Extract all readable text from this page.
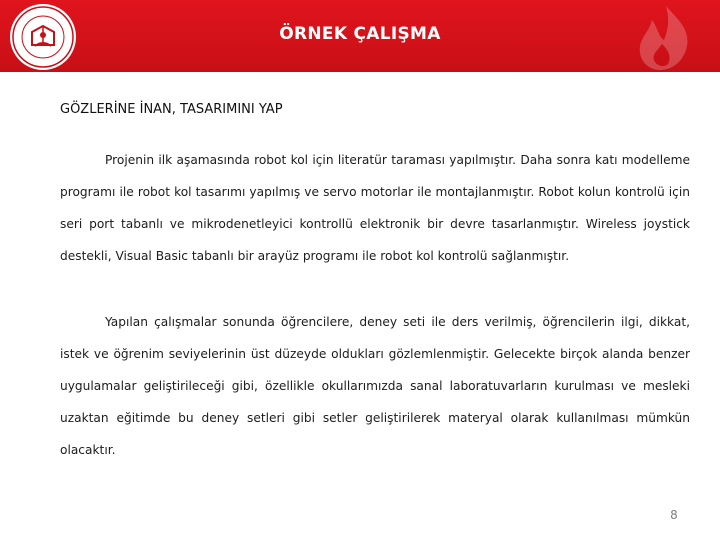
ÖRNEK ÇALIŞMA
GÖZLERİNE İNAN, TASARIMINI YAP

Projenin ilk aşamasında robot kol için literatür taraması yapılmıştır. Daha sonra katı modelleme programı ile robot kol tasarımı yapılmış ve servo motorlar ile montajlanmıştır. Robot kolun kontrolü için seri port tabanlı ve mikrodenetleyici kontrollü elektronik bir devre tasarlanmıştır. Wireless joystick destekli, Visual Basic tabanlı bir arayüz programı ile robot kol kontrolü sağlanmıştır.

Yapılan çalışmalar sonunda öğrencilere, deney seti ile ders verilmiş, öğrencilerin ilgi, dikkat, istek ve öğrenim seviyelerinin üst düzeyde oldukları gözlemlenmiştir. Gelecekte birçok alanda benzer uygulamalar geliştirileceği gibi, özellikle okullarımızda sanal laboratuvarların kurulması ve mesleki uzaktan eğitimde bu deney setleri gibi setler geliştirilerek materyal olarak kullanılması mümkün olacaktır.

8
